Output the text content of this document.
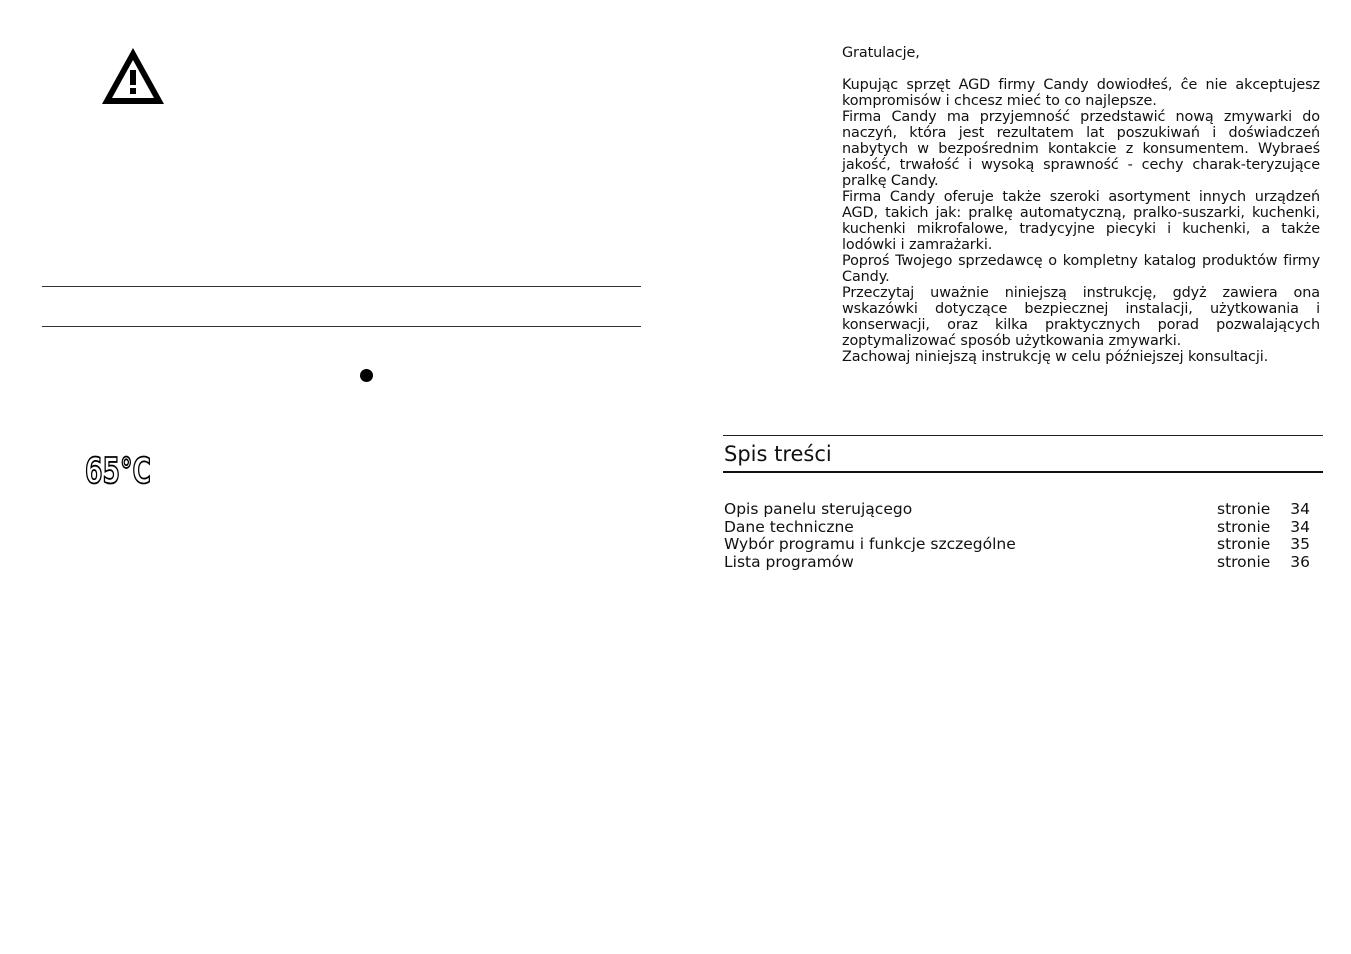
65°C

Gratulacje,

Kupując sprzęt AGD firmy Candy dowiodłeś, ĉe nie akceptujesz kompromisów i chcesz mieć to co najlepsze.

Firma Candy ma przyjemność przedstawić nową zmywarki do naczyń, która jest rezultatem lat poszukiwań i doświadczeń nabytych w bezpośrednim kontakcie z konsumentem. Wybraeś jakość, trwałość i wysoką sprawność - cechy charak-teryzujące pralkę Candy.

Firma Candy oferuje także szeroki asortyment innych urządzeń AGD, takich jak: pralkę automatyczną, pralko-suszarki, kuchenki, kuchenki mikrofalowe, tradycyjne piecyki i kuchenki, a także lodówki i zamrażarki.

Poproś Twojego sprzedawcę o kompletny katalog produktów firmy Candy.

Przeczytaj uważnie niniejszą instrukcję, gdyż zawiera ona wskazówki dotyczące bezpiecznej instalacji, użytkowania i konserwacji, oraz kilka praktycznych porad pozwalających zoptymalizować sposób użytkowania zmywarki.

Zachowaj niniejszą instrukcję w celu późniejszej konsultacji.

Spis treści
Opis panelu sterującego	stronie 34
Dane techniczne	stronie 34
Wybór programu i funkcje szczególne	stronie 35
Lista programów	stronie 36
